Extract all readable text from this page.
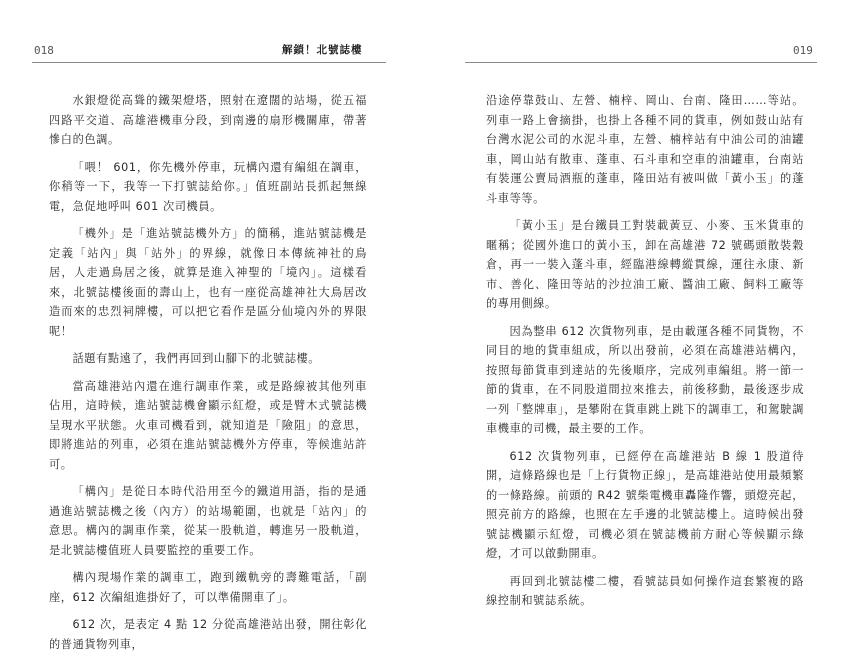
018	解鎖！北號誌樓

水銀燈從高聳的鐵架燈塔，照射在遼闊的站場，從五福四路平交道、高雄港機車分段，到南邊的扇形機關庫，帶著慘白的色調。

「喂！ 601，你先機外停車，玩構內還有編組在調車，你稍等一下，我等一下打號誌給你。」值班副站長抓起無線電，急促地呼叫 601 次司機員。

「機外」是「進站號誌機外方」的簡稱，進站號誌機是定義「站內」與「站外」的界線，就像日本傳統神社的鳥居，人走過鳥居之後，就算是進入神聖的「境內」。這樣看來，北號誌樓後面的壽山上，也有一座從高雄神社大鳥居改造而來的忠烈祠牌樓，可以把它看作是區分仙境內外的界限呢！

話題有點遠了，我們再回到山腳下的北號誌樓。

當高雄港站內還在進行調車作業，或是路線被其他列車佔用，這時候，進站號誌機會顯示紅燈，或是臂木式號誌機呈現水平狀態。火車司機看到，就知道是「險阻」的意思，即將進站的列車，必須在進站號誌機外方停車，等候進站許可。

「構內」是從日本時代沿用至今的鐵道用語，指的是通過進站號誌機之後（內方）的站場範圍，也就是「站內」的意思。構內的調車作業，從某一股軌道，轉進另一股軌道，是北號誌樓值班人員要監控的重要工作。

構內現場作業的調車工，跑到鐵軌旁的壽難電話，「副座，612 次編組進掛好了，可以準備開車了」。

612 次，是表定 4 點 12 分從高雄港站出發，開往彰化的普通貨物列車，

019

沿途停靠鼓山、左營、楠梓、岡山、台南、隆田……等站。列車一路上會摘掛，也掛上各種不同的貨車，例如鼓山站有台灣水泥公司的水泥斗車，左營、楠梓站有中油公司的油罐車，岡山站有散車、蓬車、石斗車和空車的油罐車，台南站有裝運公賣局酒瓶的蓬車，隆田站有被叫做「黃小玉」的蓬斗車等等。

「黃小玉」是台鐵員工對裝載黃豆、小麥、玉米貨車的暱稱；從國外進口的黃小玉，卸在高雄港 72 號碼頭散裝穀倉，再一一裝入蓬斗車，經臨港線轉縱貫線，運往永康、新市、善化、隆田等站的沙拉油工廠、醬油工廠、飼料工廠等的專用側線。

因為整串 612 次貨物列車，是由載運各種不同貨物，不同目的地的貨車組成，所以出發前，必須在高雄港站構內，按照每節貨車到達站的先後順序，完成列車編組。將一節一節的貨車，在不同股道間拉來推去，前後移動，最後逐步成一列「整牌車」，是攀附在貨車跳上跳下的調車工，和駕駛調車機車的司機，最主要的工作。

612 次貨物列車，已經停在高雄港站 B 線 1 股道待開，這條路線也是「上行貨物正線」，是高雄港站使用最頻繁的一條路線。前頭的 R42 號柴電機車轟隆作響，頭燈亮起，照亮前方的路線，也照在左手邊的北號誌樓上。這時候出發號誌機顯示紅燈，司機必須在號誌機前方耐心等候顯示綠燈，才可以啟動開車。

再回到北號誌樓二樓，看號誌員如何操作這套繁複的路線控制和號誌系統。
